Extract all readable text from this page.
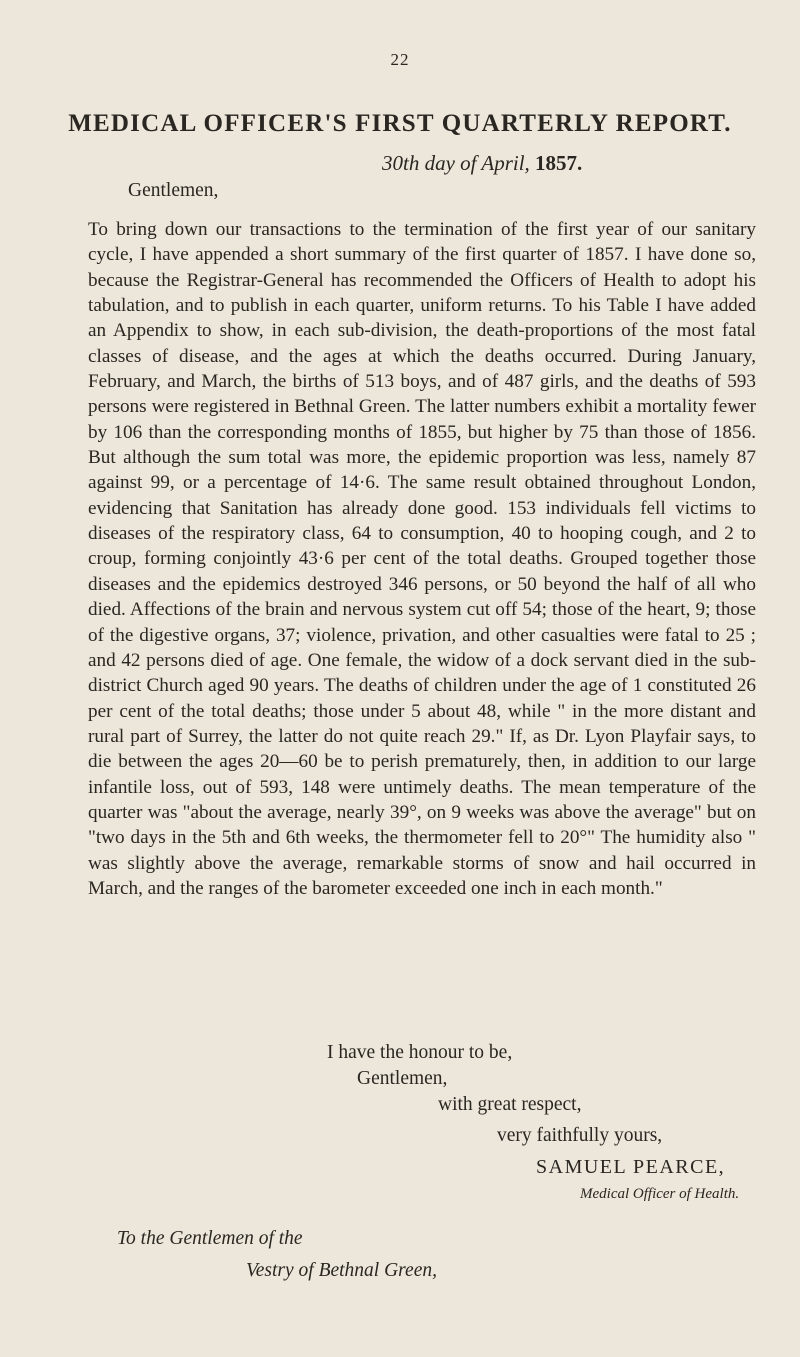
22
MEDICAL OFFICER'S FIRST QUARTERLY REPORT.
30th day of April, 1857.
Gentlemen,

To bring down our transactions to the termination of the first year of our sanitary cycle, I have appended a short summary of the first quarter of 1857. I have done so, because the Registrar-General has recommended the Officers of Health to adopt his tabulation, and to publish in each quarter, uniform returns. To his Table I have added an Appendix to show, in each sub-division, the death-proportions of the most fatal classes of disease, and the ages at which the deaths occurred. During January, February, and March, the births of 513 boys, and of 487 girls, and the deaths of 593 persons were registered in Bethnal Green. The latter numbers exhibit a mortality fewer by 106 than the corresponding months of 1855, but higher by 75 than those of 1856. But although the sum total was more, the epidemic proportion was less, namely 87 against 99, or a percentage of 14·6. The same result obtained throughout London, evidencing that Sanitation has already done good. 153 individuals fell victims to diseases of the respiratory class, 64 to consumption, 40 to hooping cough, and 2 to croup, forming conjointly 43·6 per cent of the total deaths. Grouped together those diseases and the epidemics destroyed 346 persons, or 50 beyond the half of all who died. Affections of the brain and nervous system cut off 54; those of the heart, 9; those of the digestive organs, 37; violence, privation, and other casualties were fatal to 25 ; and 42 persons died of age. One female, the widow of a dock servant died in the sub-district Church aged 90 years. The deaths of children under the age of 1 constituted 26 per cent of the total deaths; those under 5 about 48, while " in the more distant and rural part of Surrey, the latter do not quite reach 29." If, as Dr. Lyon Playfair says, to die between the ages 20—60 be to perish prematurely, then, in addition to our large infantile loss, out of 593, 148 were untimely deaths. The mean temperature of the quarter was "about the average, nearly 39°, on 9 weeks was above the average" but on "two days in the 5th and 6th weeks, the thermometer fell to 20°" The humidity also " was slightly above the average, remarkable storms of snow and hail occurred in March, and the ranges of the barometer exceeded one inch in each month."

I have the honour to be,
Gentlemen,
with great respect,
very faithfully yours,
SAMUEL PEARCE,
Medical Officer of Health.
To the Gentlemen of the
Vestry of Bethnal Green,
